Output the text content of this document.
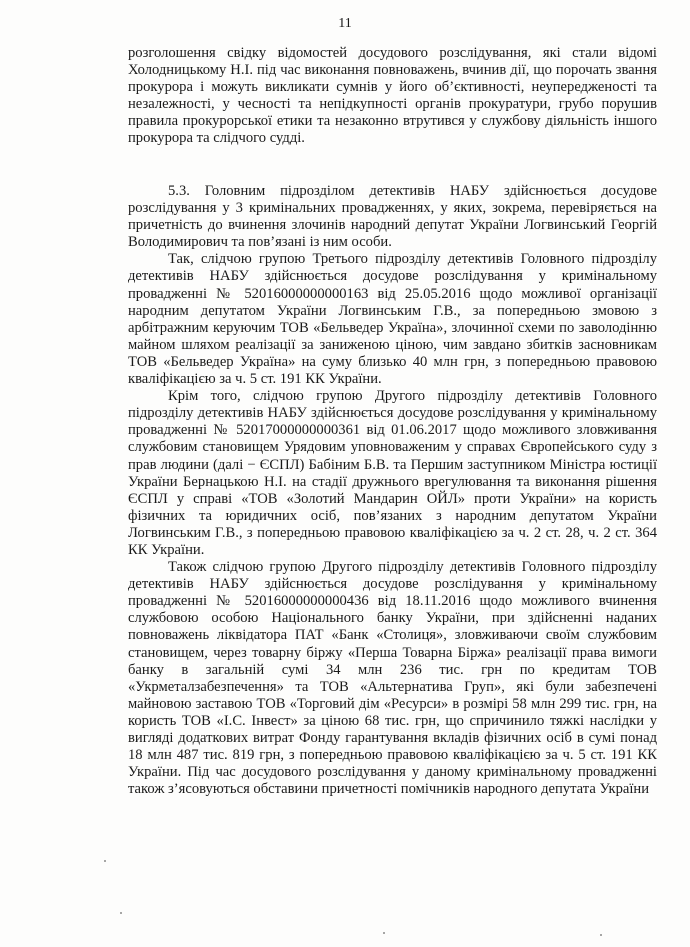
11

розголошення свідку відомостей досудового розслідування, які стали відомі Холодницькому Н.І. під час виконання повноважень, вчинив дії, що порочать звання прокурора і можуть викликати сумнів у його об’єктивності, неупередженості та незалежності, у чесності та непідкупності органів прокуратури, грубо порушив правила прокурорської етики та незаконно втрутився у службову діяльність іншого прокурора та слідчого судді.

5.3. Головним підрозділом детективів НАБУ здійснюється досудове розслідування у 3 кримінальних провадженнях, у яких, зокрема, перевіряється на причетність до вчинення злочинів народний депутат України Логвинський Георгій Володимирович та пов’язані із ним особи.

Так, слідчою групою Третього підрозділу детективів Головного підрозділу детективів НАБУ здійснюється досудове розслідування у кримінальному провадженні № 52016000000000163 від 25.05.2016 щодо можливої організації народним депутатом України Логвинським Г.В., за попередньою змовою з арбітражним керуючим ТОВ «Бельведер Україна», злочинної схеми по заволодінню майном шляхом реалізації за заниженою ціною, чим завдано збитків засновникам ТОВ «Бельведер Україна» на суму близько 40 млн грн, з попередньою правовою кваліфікацією за ч. 5 ст. 191 КК України.

Крім того, слідчою групою Другого підрозділу детективів Головного підрозділу детективів НАБУ здійснюється досудове розслідування у кримінальному провадженні № 52017000000000361 від 01.06.2017 щодо можливого зловживання службовим становищем Урядовим уповноваженим у справах Європейського суду з прав людини (далі − ЄСПЛ) Бабіним Б.В. та Першим заступником Міністра юстиції України Бернацькою Н.І. на стадії дружнього врегулювання та виконання рішення ЄСПЛ у справі «ТОВ «Золотий Мандарин ОЙЛ» проти України» на користь фізичних та юридичних осіб, пов’язаних з народним депутатом України Логвинським Г.В., з попередньою правовою кваліфікацією за ч. 2 ст. 28, ч. 2 ст. 364 КК України.

Також слідчою групою Другого підрозділу детективів Головного підрозділу детективів НАБУ здійснюється досудове розслідування у кримінальному провадженні № 52016000000000436 від 18.11.2016 щодо можливого вчинення службовою особою Національного банку України, при здійсненні наданих повноважень ліквідатора ПАТ «Банк «Столиця», зловживаючи своїм службовим становищем, через товарну біржу «Перша Товарна Біржа» реалізації права вимоги банку в загальній сумі 34 млн 236 тис. грн по кредитам ТОВ «Укрметалзабезпечення» та ТОВ «Альтернатива Груп», які були забезпечені майновою заставою ТОВ «Торговий дім «Ресурси» в розмірі 58 млн 299 тис. грн, на користь ТОВ «І.С. Інвест» за ціною 68 тис. грн, що спричинило тяжкі наслідки у вигляді додаткових витрат Фонду гарантування вкладів фізичних осіб в сумі понад 18 млн 487 тис. 819 грн, з попередньою правовою кваліфікацією за ч. 5 ст. 191 КК України. Під час досудового розслідування у даному кримінальному провадженні також з’ясовуються обставини причетності помічників народного депутата України
